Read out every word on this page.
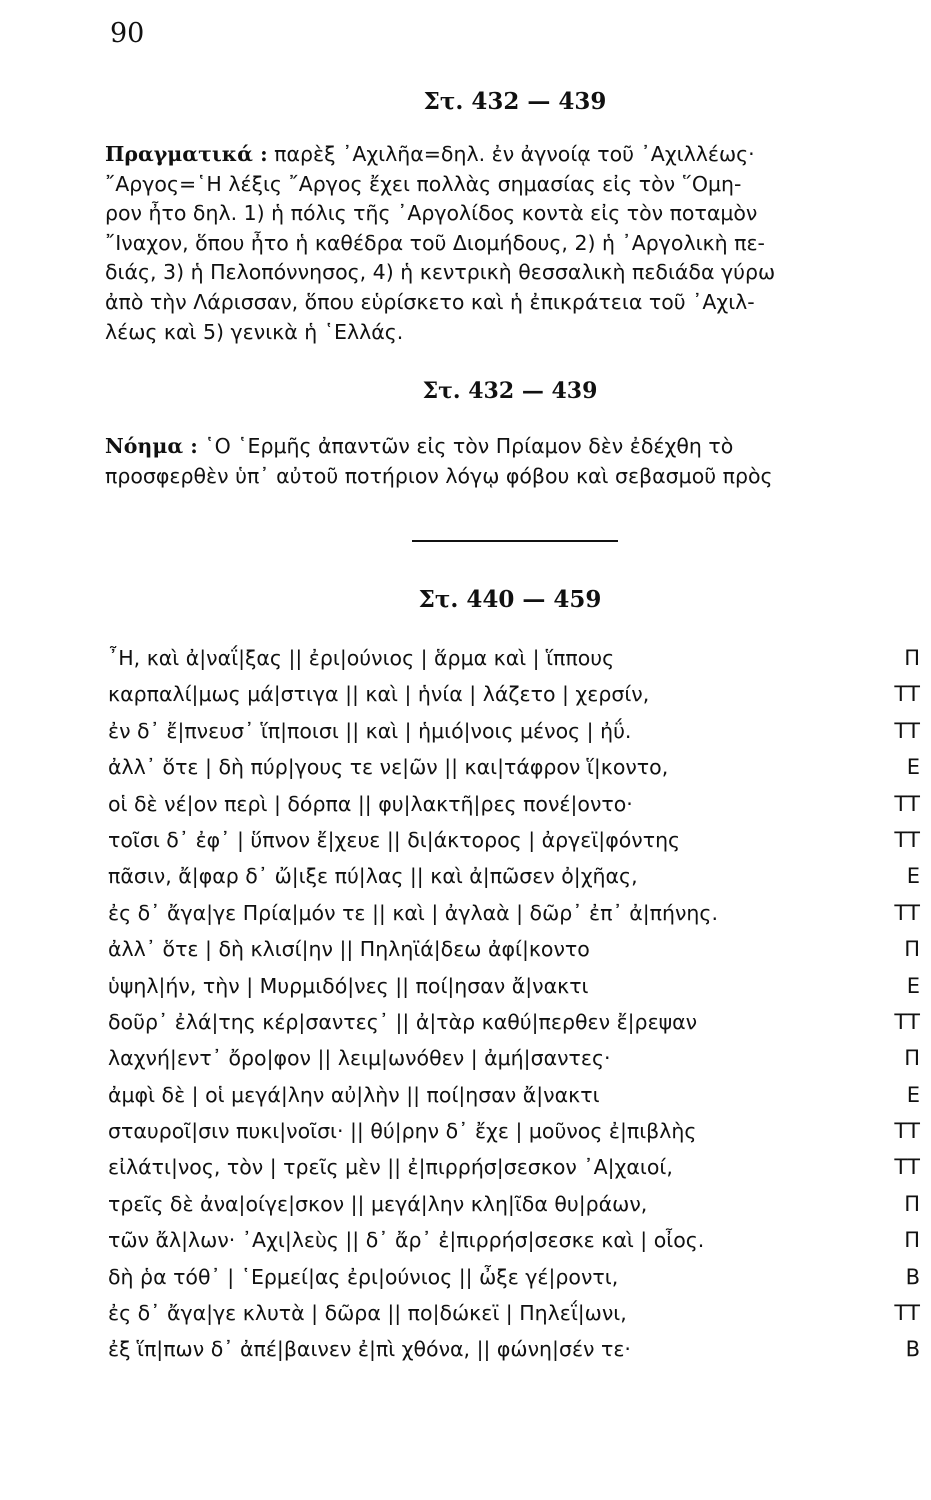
90
Στ. 432 — 439
Πραγματικά : παρὲξ ᾿Αχιλῆα=δηλ. ἐν ἀγνοίᾳ τοῦ ᾿Αχιλλέως·
῎Αργος=῾Η λέξις ῎Αργος ἔχει πολλὰς σημασίας εἰς τὸν ῞Ομη-
ρον ἦτο δηλ. 1) ἡ πόλις τῆς ᾿Αργολίδος κοντὰ εἰς τὸν ποταμὸν
῎Ιναχον, ὅπου ἦτο ἡ καθέδρα τοῦ Διομήδους, 2) ἡ ᾿Αργολικὴ πε-
διάς, 3) ἡ Πελοπόννησος, 4) ἡ κεντρικὴ θεσσαλικὴ πεδιάδα γύρω
ἀπὸ τὴν Λάρισσαν, ὅπου εὑρίσκετο καὶ ἡ ἐπικράτεια τοῦ ᾿Αχιλ-
λέως καὶ 5) γενικὰ ἡ ῾Ελλάς.
Στ. 432 — 439
Νόημα : ῾Ο ῾Ερμῆς ἀπαντῶν εἰς τὸν Πρίαμον δὲν ἐδέχθη τὸ
προσφερθὲν ὑπ᾿ αὐτοῦ ποτήριον λόγῳ φόβου καὶ σεβασμοῦ πρὸς
Στ. 440 — 459
῏Η, καὶ ἀ|ναΐ|ξας || ἐρι|ούνιος | ἅρμα καὶ | ἵππους	Π
καρπαλί|μως μά|στιγα || καὶ | ἡνία | λάζετο | χερσίν,	ΤΤ
ἐν δ᾿ ἔ|πνευσ᾿ ἵπ|ποισι || καὶ | ἡμιό|νοις μένος | ἠΰ.	ΤΤ
ἀλλ᾿ ὅτε | δὴ πύρ|γους τε νε|ῶν || και|τάφρον ἵ|κοντο,	Ε
οἱ δὲ νέ|ον περὶ | δόρπα || φυ|λακτῆ|ρες πονέ|οντο·	ΤΤ
τοῖσι δ᾿ ἐφ᾿ | ὕπνον ἔ|χευε || δι|άκτορος | ἀργεϊ|φόντης	ΤΤ
πᾶσιν, ἄ|φαρ δ᾿ ὤ|ιξε πύ|λας || καὶ ἀ|πῶσεν ὀ|χῆας,	Ε
ἐς δ᾿ ἄγα|γε Πρία|μόν τε || καὶ | ἀγλαὰ | δῶρ᾿ ἐπ᾿ ἀ|πήνης.	ΤΤ
ἀλλ᾿ ὅτε | δὴ κλισί|ην || Πηληϊά|δεω ἀφί|κοντο	Π
ὑψηλ|ήν, τὴν | Μυρμιδό|νες || ποί|ησαν ἄ|νακτι	Ε
δοῦρ᾿ ἐλά|της κέρ|σαντες᾿ || ἀ|τὰρ καθύ|περθεν ἔ|ρεψαν	ΤΤ
λαχνή|εντ᾿ ὄρο|φον || λειμ|ωνόθεν | ἀμή|σαντες·	Π
ἀμφὶ δὲ | οἱ μεγά|λην αὐ|λὴν || ποί|ησαν ἄ|νακτι	Ε
σταυροῖ|σιν πυκι|νοῖσι· || θύ|ρην δ᾿ ἔχε | μοῦνος ἐ|πιβλὴς	ΤΤ
εἰλάτι|νος, τὸν | τρεῖς μὲν || ἐ|πιρρήσ|σεσκον ᾿Α|χαιοί,	ΤΤ
τρεῖς δὲ ἀνα|οίγε|σκον || μεγά|λην κλη|ῖδα θυ|ράων,	Π
τῶν ἄλ|λων· ᾿Αχι|λεὺς || δ᾿ ἄρ᾿ ἐ|πιρρήσ|σεσκε καὶ | οἶος.	Π
δὴ ῥα τόθ᾿ | ῾Ερμεί|ας ἐρι|ούνιος || ὦξε γέ|ροντι,	Β
ἐς δ᾿ ἄγα|γε κλυτὰ | δῶρα || πο|δώκεϊ | Πηλεΐ|ωνι,	ΤΤ
ἐξ ἵπ|πων δ᾿ ἀπέ|βαινεν ἐ|πὶ χθόνα, || φώνη|σέν τε·	Β
